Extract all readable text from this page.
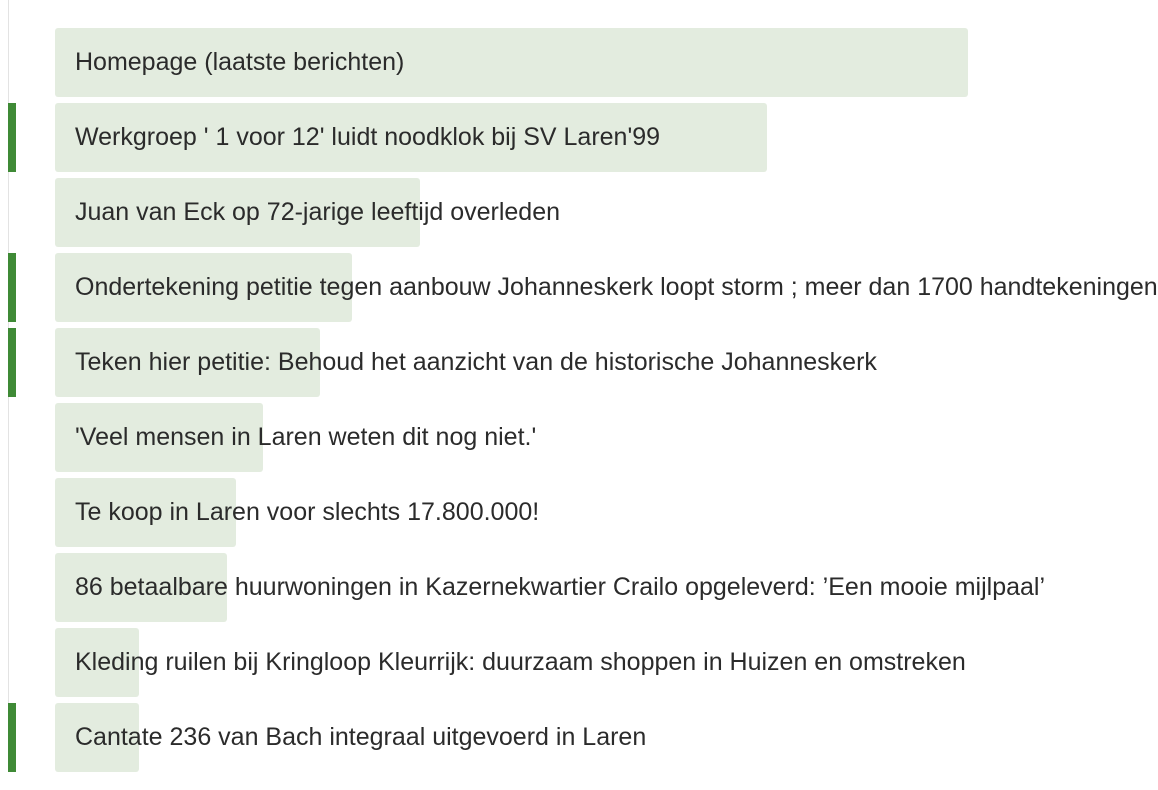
Homepage (laatste berichten)
Werkgroep ' 1 voor 12' luidt noodklok bij SV Laren'99
Juan van Eck op 72-jarige leeftijd overleden
Ondertekening petitie tegen aanbouw Johanneskerk loopt storm ; meer dan 1700 handtekeningen
Teken hier petitie: Behoud het aanzicht van de historische Johanneskerk
'Veel mensen in Laren weten dit nog niet.'
Te koop in Laren voor slechts 17.800.000!
86 betaalbare huurwoningen in Kazernekwartier Crailo opgeleverd: ’Een mooie mijlpaal’
Kleding ruilen bij Kringloop Kleurrijk: duurzaam shoppen in Huizen en omstreken
Cantate 236 van Bach integraal uitgevoerd in Laren
